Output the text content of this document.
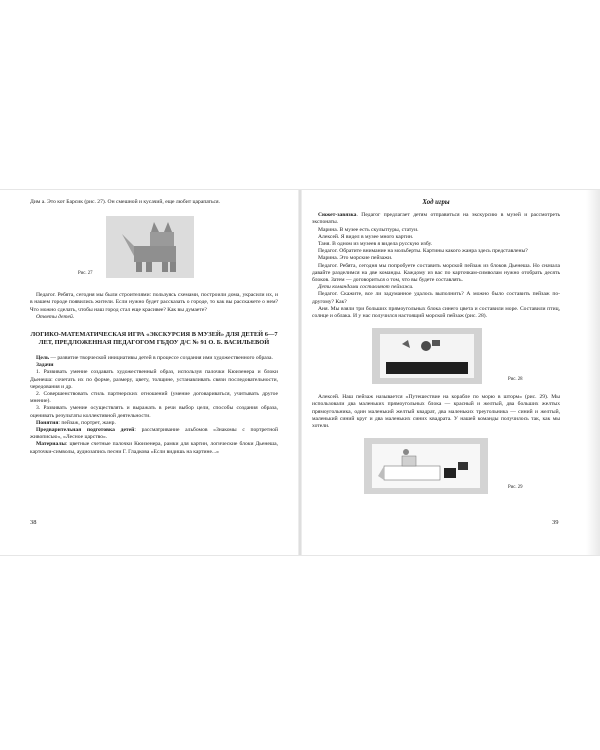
Дим а. Это кот Барсик (рис. 27). Он смешной и кусачий, еще любит царапаться.

Рис. 27

Педагог. Ребята, сегодня мы были строителями: пользуясь схемами, построили дома, украсили их, и в нашем городе появились жители. Если нужно будет рассказать о городе, то как вы расскажете о нем? Что можно сделать, чтобы наш город стал еще красивее? Как вы думаете?

Ответы детей.

ЛОГИКО-МАТЕМАТИЧЕСКАЯ ИГРА «ЭКСКУРСИЯ В МУЗЕЙ» ДЛЯ ДЕТЕЙ 6—7 ЛЕТ, ПРЕДЛОЖЕННАЯ ПЕДАГОГОМ ГБДОУ Д/С № 91 О. Б. ВАСИЛЬЕВОЙ

Цель — развитие творческой инициативы детей в процессе создания ими художественного образа.

Задачи

1. Развивать умение создавать художественный образ, используя палочки Кюизенера и блоки Дьенеша: сочетать их по форме, размеру, цвету, толщине, устанавливать связи последовательности, чередования и др.

2. Совершенствовать стиль партнерских отношений (умение договариваться, учитывать другое мнение).

3. Развивать умение осуществлять и выражать в речи выбор цели, способы создания образа, оценивать результаты коллективной деятельности.

Понятия: пейзаж, портрет, жанр.

Предварительная подготовка детей: рассматривание альбомов «Знакомы с портретной живописью», «Лесное царство».

Материалы: цветные счетные палочки Кюизенера, рамки для картин, логические блоки Дьенеша, карточки-символы, аудиозапись песни Г. Гладкова «Если видишь на картине...»

38
Ход игры

Сюжет-завязка. Педагог предлагает детям отправиться на экскурсию в музей и рассмотреть экспонаты.

Марина. В музее есть скульптуры, статуи.

Алексей. Я видел в музее много картин.

Таня. В одном из музеев я видела русскую избу.

Педагог. Обратите внимание на мольберты. Картины какого жанра здесь представлены?

Марина. Это морские пейзажи.

Педагог. Ребята, сегодня мы попробуете составить морской пейзаж из блоков Дьенеша. Но сначала давайте разделимся на две команды. Каждому из вас по карточкам-символам нужно отобрать десять блоков. Затем — договориться о том, что вы будете составлять.

Дети командами составляют пейзажи.

Педагог. Скажите, все ли задуманное удалось выполнить? А можно было составить пейзаж по-другому? Как?

Аня. Мы взяли три больших прямоугольных блока синего цвета и составили море. Составили птиц, солнце и облака. И у нас получился настоящий морской пейзаж (рис. 28).

Рис. 28

Алексей. Наш пейзаж называется «Путешествие на корабле по морю в шторм» (рис. 29). Мы использовали два маленьких прямоугольных блока — красный и желтый, два больших желтых прямоугольника, один маленький желтый квадрат, два маленьких треугольника — синий и желтый, маленький синий круг и два маленьких синих квадрата. У нашей команды получилось так, как мы хотели.

Рис. 29
39
